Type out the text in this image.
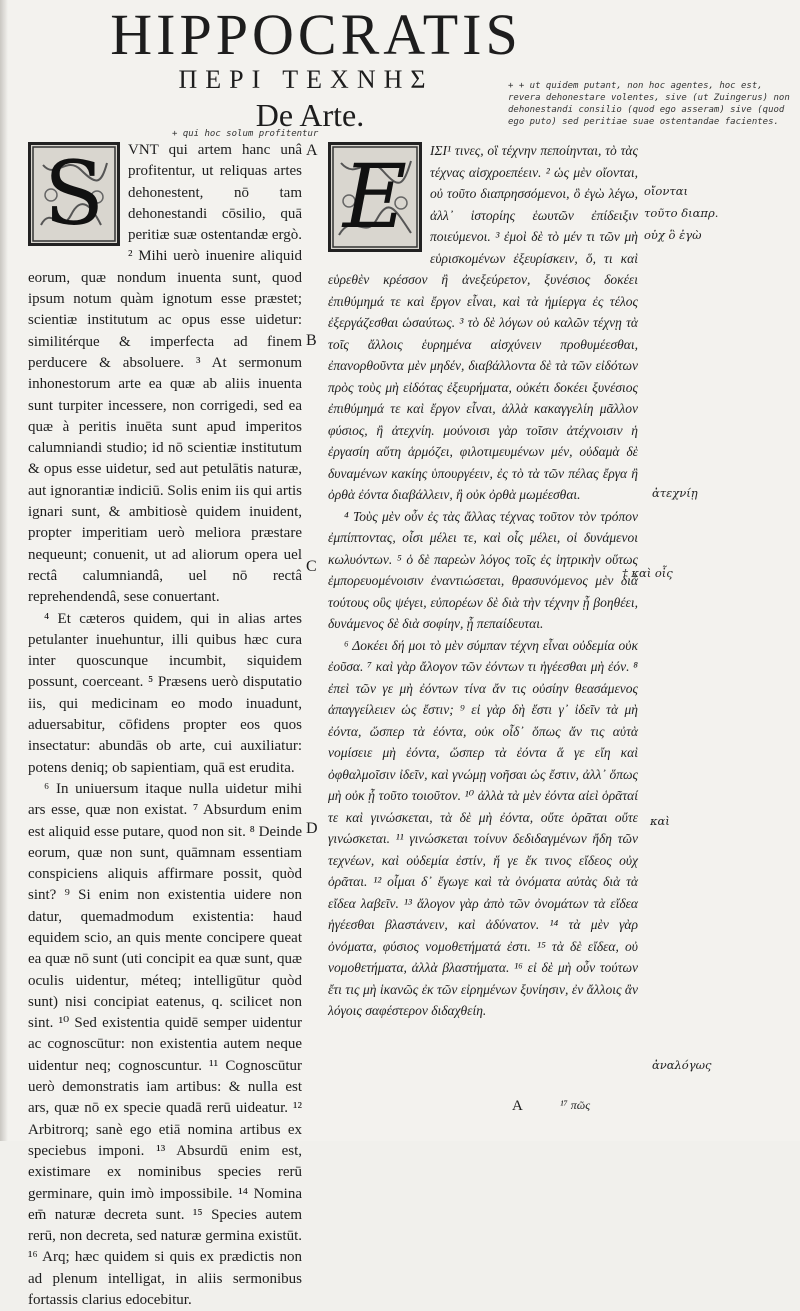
HIPPOCRATIS
ΠΕΡΙ ΤΕΧΝΗΣ
De Arte.
+ qui hoc solum profitentur
+ + ut quidem putant, non hoc agentes, hoc est, revera dehonestare volentes, sive (ut Zuingerus) non dehonestandi consilio (quod ego asseram) sive (quod ego puto) sed peritiae suae ostentandae facientes.
S	VNT qui artem hanc unâ profitentur, ut reliquas artes dehonestent, nō tam dehonestandi cōsilio, quā peritiæ suæ ostentandæ ergò. ² Mihi uerò inuenire aliquid eorum, quæ nondum inuenta sunt, quod ipsum notum quàm ignotum esse præstet; scientiæ institutum ac opus esse uidetur: similitérque & imperfecta ad finem perducere & absoluere. ³ At sermonum inhonestorum arte ea quæ ab aliis inuenta sunt turpiter incessere, non corrigedi, sed ea quæ à peritis inuēta sunt apud imperitos calumniandi studio; id nō scientiæ institutum & opus esse uidetur, sed aut petulātis naturæ, aut ignorantiæ indiciū. Solis enim iis qui artis ignari sunt, & ambitiosè quidem inuident, propter imperitiam uerò meliora præstare nequeunt; conuenit, ut ad aliorum opera uel rectâ calumniandâ, uel nō rectâ reprehendendâ, sese conuertant.

⁴ Et cæteros quidem, qui in alias artes petulanter inuehuntur, illi quibus hæc cura inter quoscunque incumbit, siquidem possunt, coerceant. ⁵ Præsens uerò disputatio iis, qui medicinam eo modo inuadunt, aduersabitur, cōfidens propter eos quos insectatur: abundās ob arte, cui auxiliatur: potens deniq; ob sapientiam, quā est erudita.

⁶ In uniuersum itaque nulla uidetur mihi ars esse, quæ non existat. ⁷ Absurdum enim est aliquid esse putare, quod non sit. ⁸ Deinde eorum, quæ non sunt, quāmnam essentiam conspiciens aliquis affirmare possit, quòd sint? ⁹ Si enim non existentia uidere non datur, quemadmodum existentia: haud equidem scio, an quis mente concipere queat ea quæ nō sunt (uti concipit ea quæ sunt, quæ oculis uidentur, méteq; intelligūtur quòd sunt) nisi concipiat eatenus, q. scilicet non sint. ¹⁰ Sed existentia quidē semper uidentur ac cognoscūtur: non existentia autem neque uidentur neq; cognoscuntur. ¹¹ Cognoscūtur uerò demonstratis iam artibus: & nulla est ars, quæ nō ex specie quadā rerū uideatur. ¹² Arbitrorq; sanè ego etiā nomina artibus ex speciebus imponi. ¹³ Absurdū enim est, existimare ex nominibus species rerū germinare, quin imò impossibile. ¹⁴ Nomina em̄ naturæ decreta sunt. ¹⁵ Species autem rerū, non decreta, sed naturæ germina existūt. ¹⁶ Arq; hæc quidem si quis ex prædictis non ad plenum intelligat, in aliis sermonibus fortassis clarius edocebitur.

Ε	ΙΣΙ¹ τινες, οἳ τέχνην πεποίηνται, τὸ τὰς τέχνας αἰσχροεπέειν. ² ὡς μὲν οἴονται, οὐ τοῦτο διαπρησσόμενοι, ὃ ἐγὼ λέγω, ἀλλ᾽ ἱστορίης ἑωυτῶν ἐπίδειξιν ποιεύμενοι. ³ ἐμοὶ δὲ τὸ μέν τι τῶν μὴ εὑρισκομένων ἐξευρίσκειν, ὅ, τι καὶ εὑρεθὲν κρέσσον ἢ ἀνεξεύρετον, ξυνέσιος δοκέει ἐπιθύμημά τε καὶ ἔργον εἶναι, καὶ τὰ ἡμίεργα ἐς τέλος ἐξεργάζεσθαι ὡσαύτως. ³ τὸ δὲ λόγων οὐ καλῶν τέχνῃ τὰ τοῖς ἄλλοις ἑυρημένα αἰσχύνειν προθυμέεσθαι, ἐπανορθοῦντα μὲν μηδέν, διαβάλλοντα δὲ τὰ τῶν εἰδότων πρὸς τοὺς μὴ εἰδότας ἐξευρήματα, οὐκέτι δοκέει ξυνέσιος ἐπιθύμημά τε καὶ ἔργον εἶναι, ἀλλὰ κακαγγελίη μᾶλλον φύσιος, ἢ ἀτεχνίη. μούνοισι γὰρ τοῖσιν ἀτέχνοισιν ἡ ἐργασίη αὕτη ἁρμόζει, φιλοτιμευμένων μέν, οὐδαμὰ δὲ δυναμένων κακίης ὑπουργέειν, ἐς τὸ τὰ τῶν πέλας ἔργα ἢ ὀρθὰ ἐόντα διαβάλλειν, ἢ οὐκ ὀρθὰ μωμέεσθαι.

⁴ Τοὺς μὲν οὖν ἐς τὰς ἄλλας τέχνας τοῦτον τὸν τρόπον ἐμπίπτοντας, οἷσι μέλει τε, καὶ οἷς μέλει, οἱ δυνάμενοι κωλυόντων. ⁵ ὁ δὲ παρεὼν λόγος τοῖς ἐς ἰητρικὴν οὕτως ἐμπορευομένοισιν ἐναντιώσεται, θρασυνόμενος μὲν διὰ τούτους οὓς ψέγει, εὐπορέων δὲ διὰ τὴν τέχνην ᾗ βοηθέει, δυνάμενος δὲ διὰ σοφίην, ᾗ πεπαίδευται.

⁶ Δοκέει δή μοι τὸ μὲν σύμπαν τέχνη εἶναι οὐδεμία οὐκ ἐοῦσα. ⁷ καὶ γὰρ ἄλογον τῶν ἐόντων τι ἡγέεσθαι μὴ ἐόν. ⁸ ἐπεὶ τῶν γε μὴ ἐόντων τίνα ἄν τις οὐσίην θεασάμενος ἀπαγγείλειεν ὡς ἔστιν; ⁹ εἰ γὰρ δὴ ἔστι γ᾽ ἰδεῖν τὰ μὴ ἐόντα, ὥσπερ τὰ ἐόντα, οὐκ οἶδ᾽ ὅπως ἄν τις αὐτὰ νομίσειε μὴ ἐόντα, ὥσπερ τὰ ἐόντα ἅ γε εἴη καὶ ὀφθαλμοῖσιν ἰδεῖν, καὶ γνώμῃ νοῆσαι ὡς ἔστιν, ἀλλ᾽ ὅπως μὴ οὐκ ᾖ τοῦτο τοιοῦτον. ¹⁰ ἀλλὰ τὰ μὲν ἐόντα αἰεὶ ὁρᾶταί τε καὶ γινώσκεται, τὰ δὲ μὴ ἐόντα, οὔτε ὁρᾶται οὔτε γινώσκεται. ¹¹ γινώσκεται τοίνυν δεδιδαγμένων ἤδη τῶν τεχνέων, καὶ οὐδεμία ἐστίν, ἥ γε ἔκ τινος εἴδεος οὐχ ὁρᾶται. ¹² οἶμαι δ᾽ ἔγωγε καὶ τὰ ὀνόματα αὐτὰς διὰ τὰ εἴδεα λαβεῖν. ¹³ ἄλογον γὰρ ἀπὸ τῶν ὀνομάτων τὰ εἴδεα ἡγέεσθαι βλαστάνειν, καὶ ἀδύνατον. ¹⁴ τὰ μὲν γὰρ ὀνόματα, φύσιος νομοθετήματά ἐστι. ¹⁵ τὰ δὲ εἴδεα, οὐ νομοθετήματα, ἀλλὰ βλαστήματα. ¹⁶ εἰ δὲ μὴ οὖν τούτων ἔτι τις μὴ ἱκανῶς ἐκ τῶν εἰρημένων ξυνίησιν, ἐν ἄλλοις ἂν λόγοις σαφέστερον διδαχθείη.

A
B
C
D
οἴονται τοῦτο διαπρ. οὐχ ὃ ἐγὼ
ἀτεχνίῃ
† καὶ οἷς
καὶ
ἀναλόγως
A	¹⁷ πῶς
